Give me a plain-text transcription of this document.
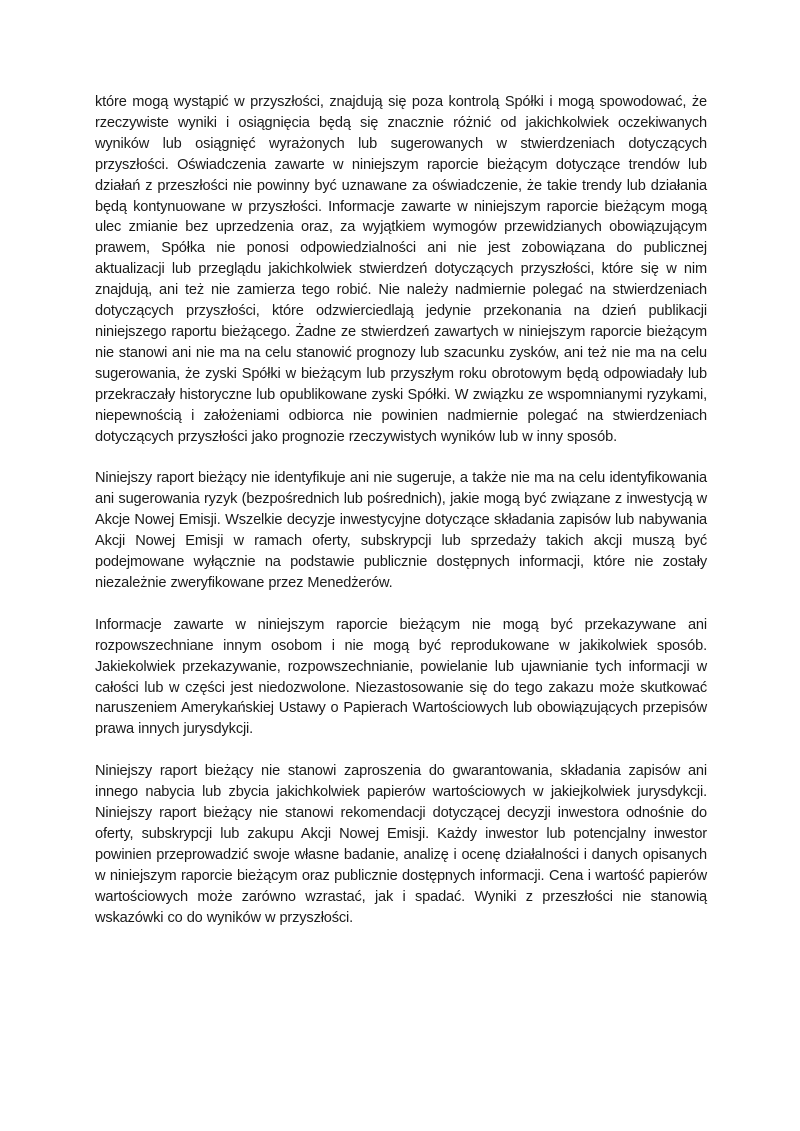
które mogą wystąpić w przyszłości, znajdują się poza kontrolą Spółki i mogą spowodować, że rzeczywiste wyniki i osiągnięcia będą się znacznie różnić od jakichkolwiek oczekiwanych wyników lub osiągnięć wyrażonych lub sugerowanych w stwierdzeniach dotyczących przyszłości. Oświadczenia zawarte w niniejszym raporcie bieżącym dotyczące trendów lub działań z przeszłości nie powinny być uznawane za oświadczenie, że takie trendy lub działania będą kontynuowane w przyszłości. Informacje zawarte w niniejszym raporcie bieżącym mogą ulec zmianie bez uprzedzenia oraz, za wyjątkiem wymogów przewidzianych obowiązującym prawem, Spółka nie ponosi odpowiedzialności ani nie jest zobowiązana do publicznej aktualizacji lub przeglądu jakichkolwiek stwierdzeń dotyczących przyszłości, które się w nim znajdują, ani też nie zamierza tego robić. Nie należy nadmiernie polegać na stwierdzeniach dotyczących przyszłości, które odzwierciedlają jedynie przekonania na dzień publikacji niniejszego raportu bieżącego. Żadne ze stwierdzeń zawartych w niniejszym raporcie bieżącym nie stanowi ani nie ma na celu stanowić prognozy lub szacunku zysków, ani też nie ma na celu sugerowania, że zyski Spółki w bieżącym lub przyszłym roku obrotowym będą odpowiadały lub przekraczały historyczne lub opublikowane zyski Spółki. W związku ze wspomnianymi ryzykami, niepewnością i założeniami odbiorca nie powinien nadmiernie polegać na stwierdzeniach dotyczących przyszłości jako prognozie rzeczywistych wyników lub w inny sposób.

Niniejszy raport bieżący nie identyfikuje ani nie sugeruje, a także nie ma na celu identyfikowania ani sugerowania ryzyk (bezpośrednich lub pośrednich), jakie mogą być związane z inwestycją w Akcje Nowej Emisji. Wszelkie decyzje inwestycyjne dotyczące składania zapisów lub nabywania Akcji Nowej Emisji w ramach oferty, subskrypcji lub sprzedaży takich akcji muszą być podejmowane wyłącznie na podstawie publicznie dostępnych informacji, które nie zostały niezależnie zweryfikowane przez Menedżerów.

Informacje zawarte w niniejszym raporcie bieżącym nie mogą być przekazywane ani rozpowszechniane innym osobom i nie mogą być reprodukowane w jakikolwiek sposób. Jakiekolwiek przekazywanie, rozpowszechnianie, powielanie lub ujawnianie tych informacji w całości lub w części jest niedozwolone. Niezastosowanie się do tego zakazu może skutkować naruszeniem Amerykańskiej Ustawy o Papierach Wartościowych lub obowiązujących przepisów prawa innych jurysdykcji.

Niniejszy raport bieżący nie stanowi zaproszenia do gwarantowania, składania zapisów ani innego nabycia lub zbycia jakichkolwiek papierów wartościowych w jakiejkolwiek jurysdykcji. Niniejszy raport bieżący nie stanowi rekomendacji dotyczącej decyzji inwestora odnośnie do oferty, subskrypcji lub zakupu Akcji Nowej Emisji. Każdy inwestor lub potencjalny inwestor powinien przeprowadzić swoje własne badanie, analizę i ocenę działalności i danych opisanych w niniejszym raporcie bieżącym oraz publicznie dostępnych informacji. Cena i wartość papierów wartościowych może zarówno wzrastać, jak i spadać. Wyniki z przeszłości nie stanowią wskazówki co do wyników w przyszłości.
